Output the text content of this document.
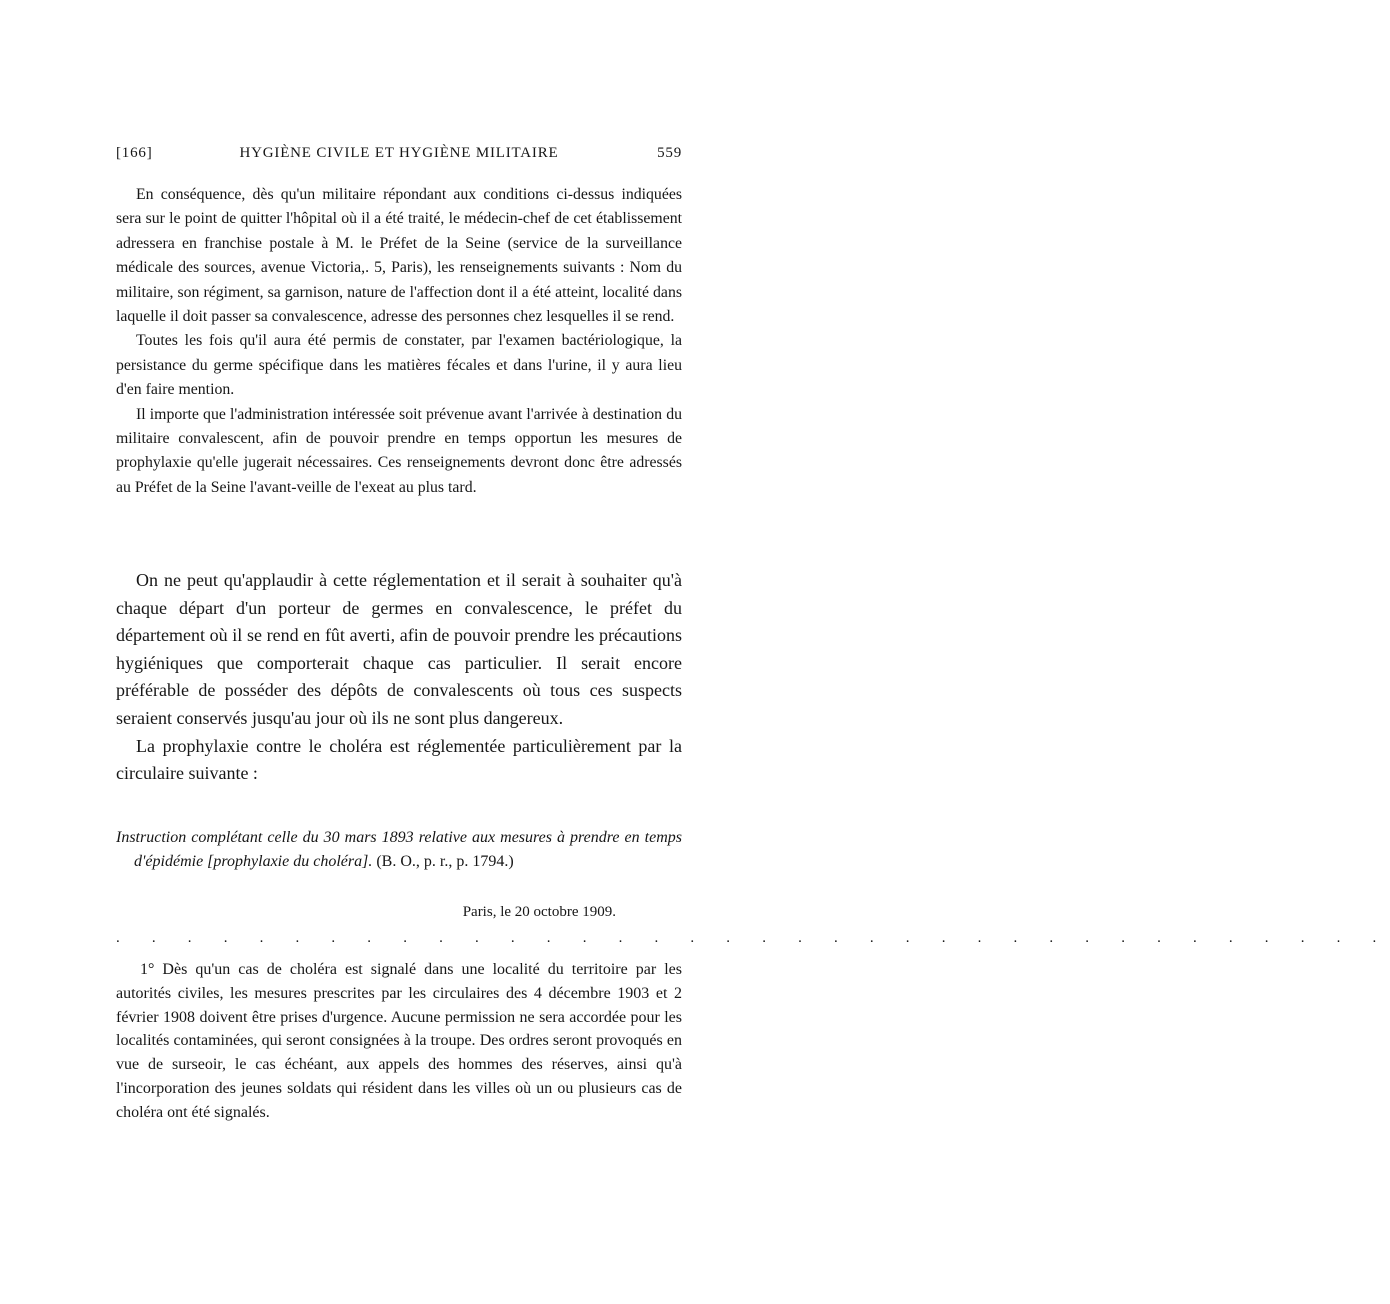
[166]	HYGIÈNE CIVILE ET HYGIÈNE MILITAIRE	559

En conséquence, dès qu'un militaire répondant aux conditions ci-dessus indiquées sera sur le point de quitter l'hôpital où il a été traité, le médecin-chef de cet établissement adressera en franchise postale à M. le Préfet de la Seine (service de la surveillance médicale des sources, avenue Victoria,. 5, Paris), les renseignements suivants : Nom du militaire, son régiment, sa garnison, nature de l'affection dont il a été atteint, localité dans laquelle il doit passer sa convalescence, adresse des personnes chez lesquelles il se rend.

Toutes les fois qu'il aura été permis de constater, par l'examen bactériologique, la persistance du germe spécifique dans les matières fécales et dans l'urine, il y aura lieu d'en faire mention.

Il importe que l'administration intéressée soit prévenue avant l'arrivée à destination du militaire convalescent, afin de pouvoir prendre en temps opportun les mesures de prophylaxie qu'elle jugerait nécessaires. Ces renseignements devront donc être adressés au Préfet de la Seine l'avant-veille de l'exeat au plus tard.

On ne peut qu'applaudir à cette réglementation et il serait à souhaiter qu'à chaque départ d'un porteur de germes en convalescence, le préfet du département où il se rend en fût averti, afin de pouvoir prendre les précautions hygiéniques que comporterait chaque cas particulier. Il serait encore préférable de posséder des dépôts de convalescents où tous ces suspects seraient conservés jusqu'au jour où ils ne sont plus dangereux.

La prophylaxie contre le choléra est réglementée particulièrement par la circulaire suivante :

Instruction complétant celle du 30 mars 1893 relative aux mesures à prendre en temps d'épidémie [prophylaxie du choléra]. (B. O., p. r., p. 1794.)
Paris, le 20 octobre 1909.
. . . . . . . . . . . . . . . . . . . . . . . . . . . . . . . . . . . .

1° Dès qu'un cas de choléra est signalé dans une localité du territoire par les autorités civiles, les mesures prescrites par les circulaires des 4 décembre 1903 et 2 février 1908 doivent être prises d'urgence. Aucune permission ne sera accordée pour les localités contaminées, qui seront consignées à la troupe. Des ordres seront provoqués en vue de surseoir, le cas échéant, aux appels des hommes des réserves, ainsi qu'à l'incorporation des jeunes soldats qui résident dans les villes où un ou plusieurs cas de choléra ont été signalés.
